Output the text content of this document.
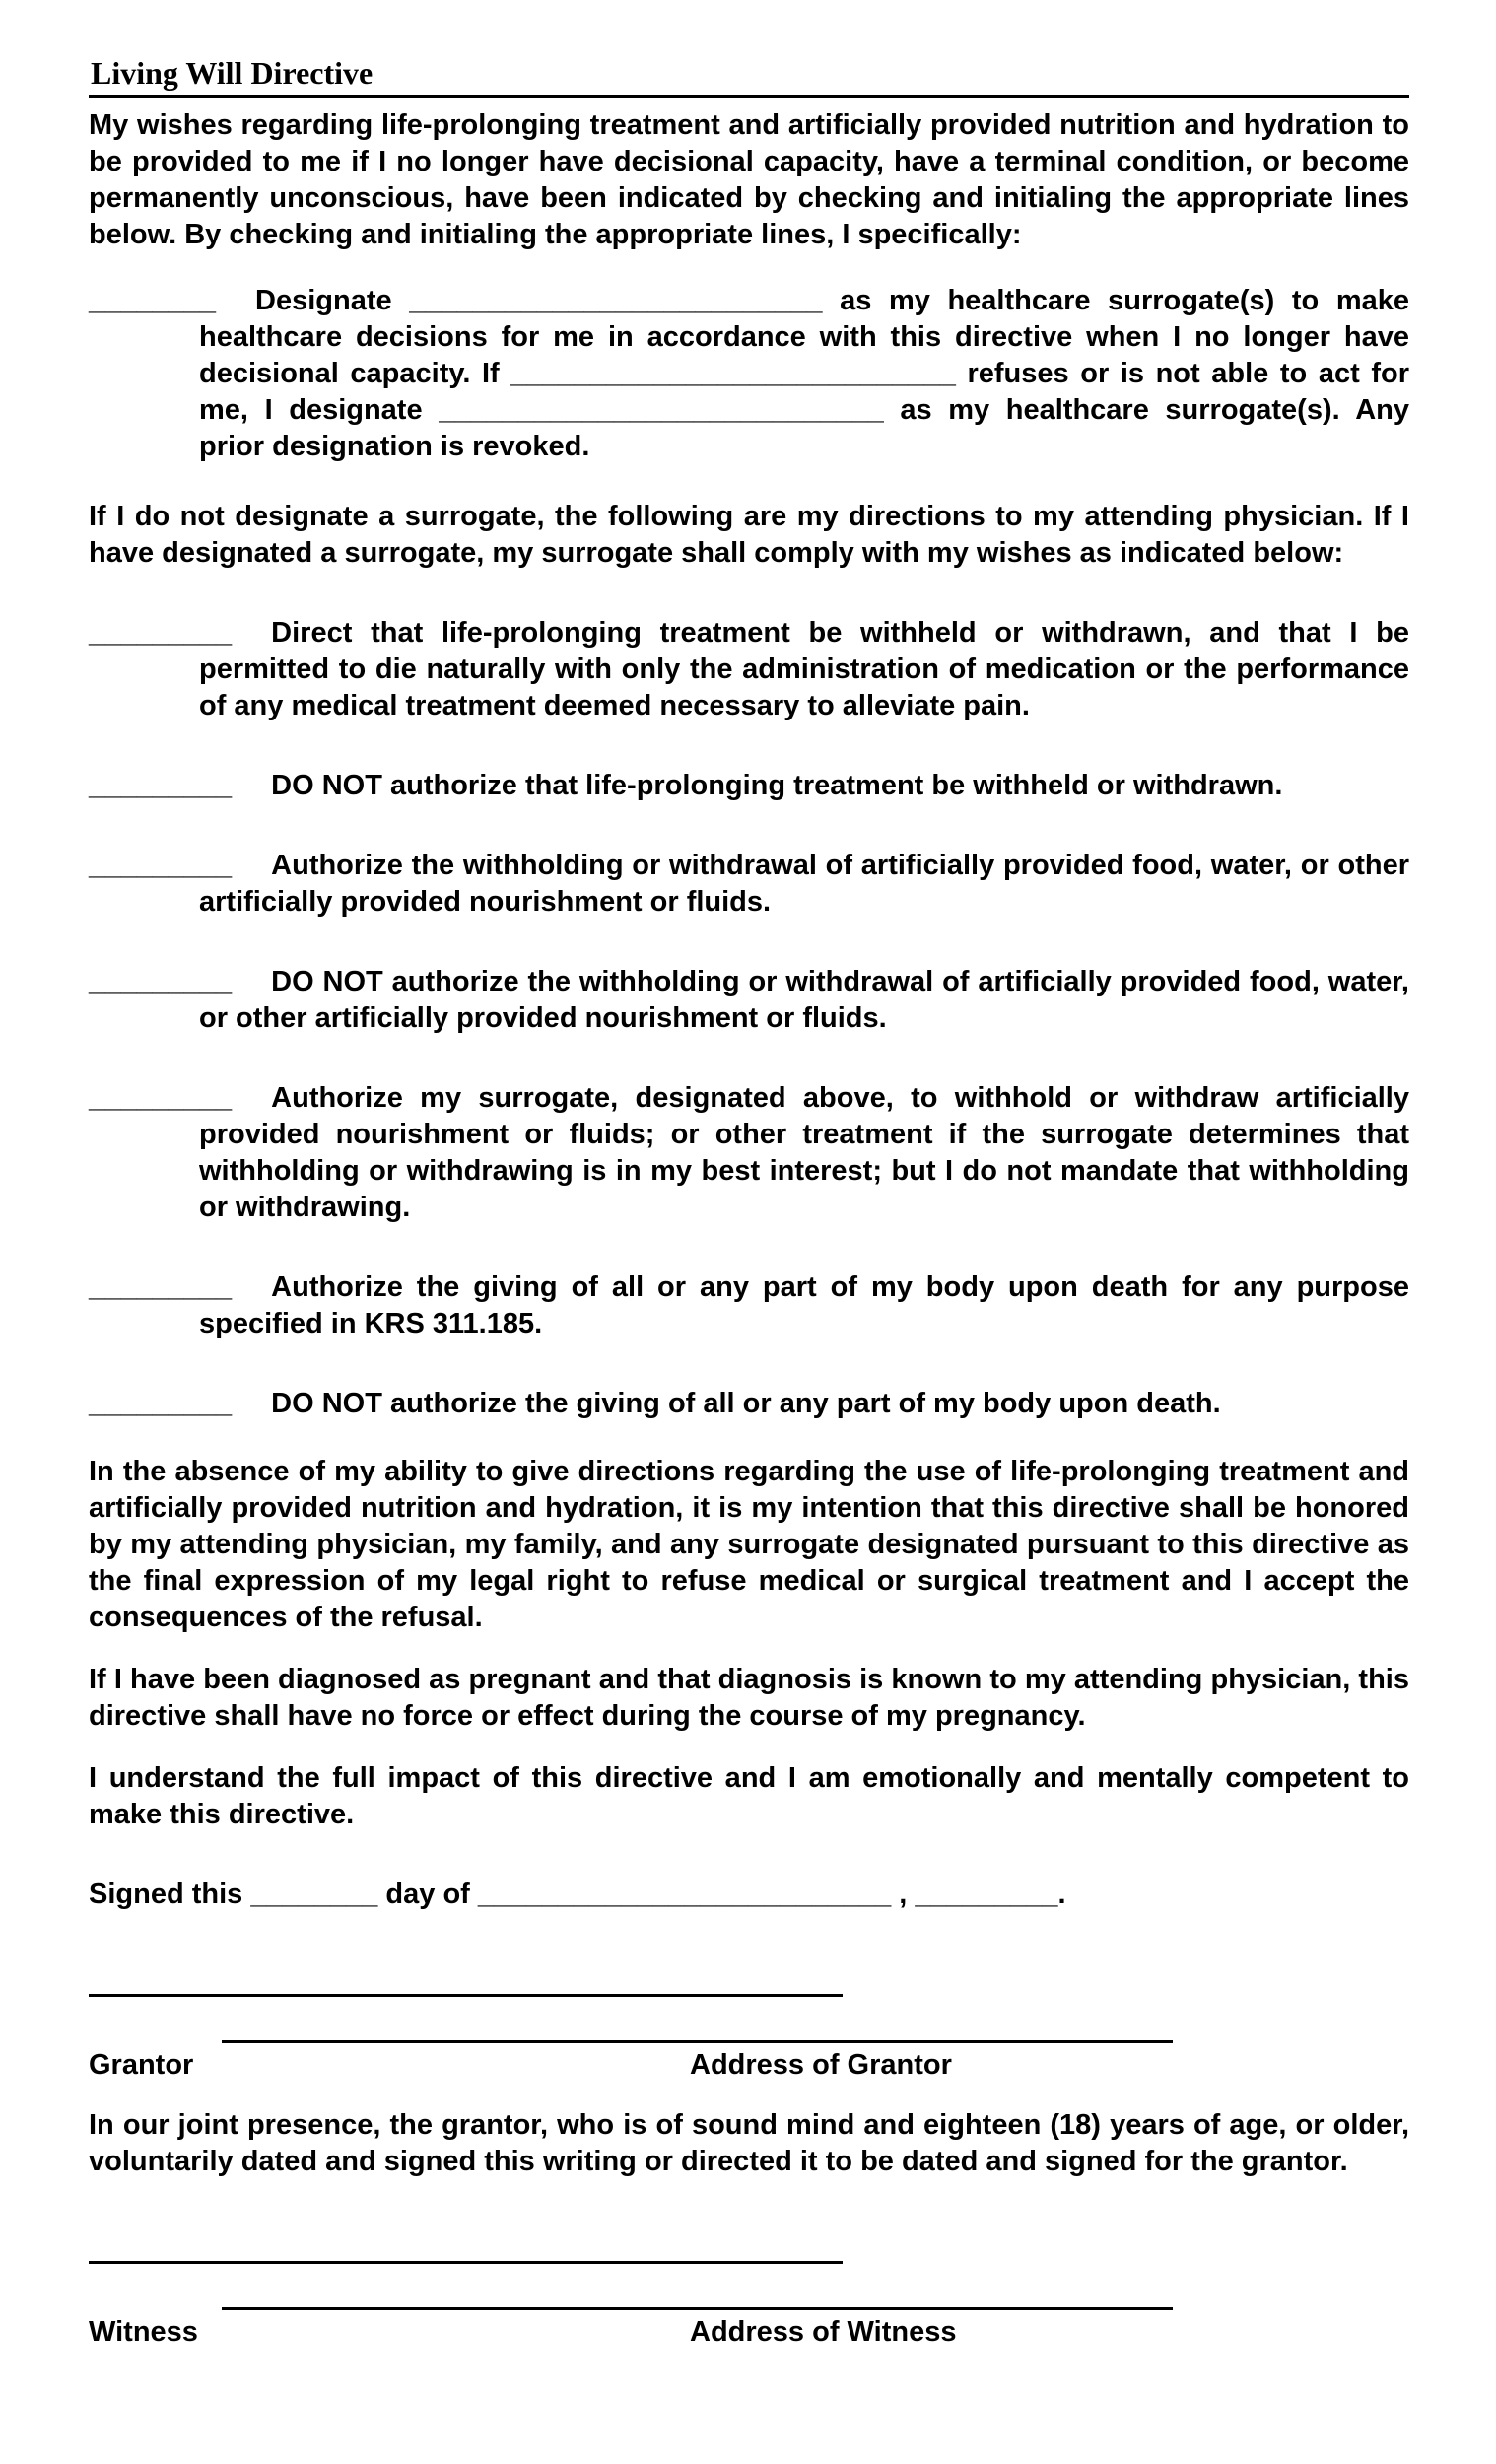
Living Will Directive

My wishes regarding life-prolonging treatment and artificially provided nutrition and hydration to be provided to me if I no longer have decisional capacity, have a terminal condition, or become permanently unconscious, have been indicated by checking and initialing the appropriate lines below. By checking and initialing the appropriate lines, I specifically:

________ Designate __________________________ as my healthcare surrogate(s) to make healthcare decisions for me in accordance with this directive when I no longer have decisional capacity. If ____________________________ refuses or is not able to act for me, I designate ____________________________ as my healthcare surrogate(s). Any prior designation is revoked.

If I do not designate a surrogate, the following are my directions to my attending physician. If I have designated a surrogate, my surrogate shall comply with my wishes as indicated below:

_________ Direct that life-prolonging treatment be withheld or withdrawn, and that I be permitted to die naturally with only the administration of medication or the performance of any medical treatment deemed necessary to alleviate pain.

_________ DO NOT authorize that life-prolonging treatment be withheld or withdrawn.

_________ Authorize the withholding or withdrawal of artificially provided food, water, or other artificially provided nourishment or fluids.

_________ DO NOT authorize the withholding or withdrawal of artificially provided food, water, or other artificially provided nourishment or fluids.

_________ Authorize my surrogate, designated above, to withhold or withdraw artificially provided nourishment or fluids; or other treatment if the surrogate determines that withholding or withdrawing is in my best interest; but I do not mandate that withholding or withdrawing.

_________ Authorize the giving of all or any part of my body upon death for any purpose specified in KRS 311.185.

_________ DO NOT authorize the giving of all or any part of my body upon death.

In the absence of my ability to give directions regarding the use of life-prolonging treatment and artificially provided nutrition and hydration, it is my intention that this directive shall be honored by my attending physician, my family, and any surrogate designated pursuant to this directive as the final expression of my legal right to refuse medical or surgical treatment and I accept the consequences of the refusal.

If I have been diagnosed as pregnant and that diagnosis is known to my attending physician, this directive shall have no force or effect during the course of my pregnancy.

I understand the full impact of this directive and I am emotionally and mentally competent to make this directive.

Signed this ________ day of __________________________ , _________.

Grantor	Address of Grantor

In our joint presence, the grantor, who is of sound mind and eighteen (18) years of age, or older, voluntarily dated and signed this writing or directed it to be dated and signed for the grantor.

Witness	Address of Witness
